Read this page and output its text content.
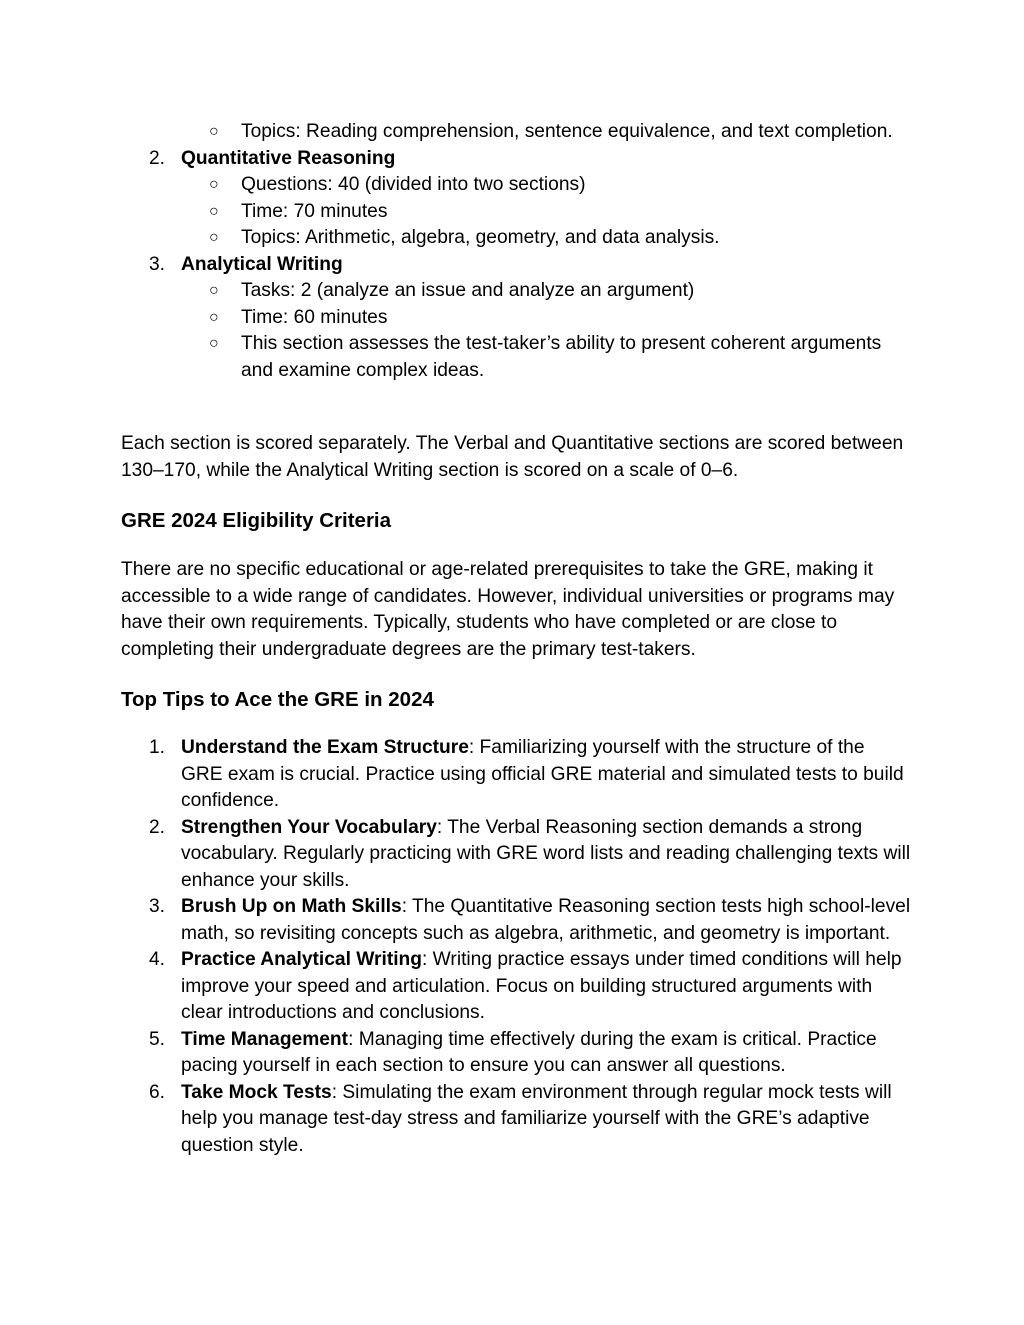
○ Topics: Reading comprehension, sentence equivalence, and text completion.

2. Quantitative Reasoning

○ Questions: 40 (divided into two sections)

○ Time: 70 minutes

○ Topics: Arithmetic, algebra, geometry, and data analysis.

3. Analytical Writing

○ Tasks: 2 (analyze an issue and analyze an argument)

○ Time: 60 minutes

○ This section assesses the test-taker’s ability to present coherent arguments and examine complex ideas.

Each section is scored separately. The Verbal and Quantitative sections are scored between 130–170, while the Analytical Writing section is scored on a scale of 0–6.

GRE 2024 Eligibility Criteria

There are no specific educational or age-related prerequisites to take the GRE, making it accessible to a wide range of candidates. However, individual universities or programs may have their own requirements. Typically, students who have completed or are close to completing their undergraduate degrees are the primary test-takers.

Top Tips to Ace the GRE in 2024

1. Understand the Exam Structure: Familiarizing yourself with the structure of the GRE exam is crucial. Practice using official GRE material and simulated tests to build confidence.

2. Strengthen Your Vocabulary: The Verbal Reasoning section demands a strong vocabulary. Regularly practicing with GRE word lists and reading challenging texts will enhance your skills.

3. Brush Up on Math Skills: The Quantitative Reasoning section tests high school-level math, so revisiting concepts such as algebra, arithmetic, and geometry is important.

4. Practice Analytical Writing: Writing practice essays under timed conditions will help improve your speed and articulation. Focus on building structured arguments with clear introductions and conclusions.

5. Time Management: Managing time effectively during the exam is critical. Practice pacing yourself in each section to ensure you can answer all questions.

6. Take Mock Tests: Simulating the exam environment through regular mock tests will help you manage test-day stress and familiarize yourself with the GRE’s adaptive question style.
